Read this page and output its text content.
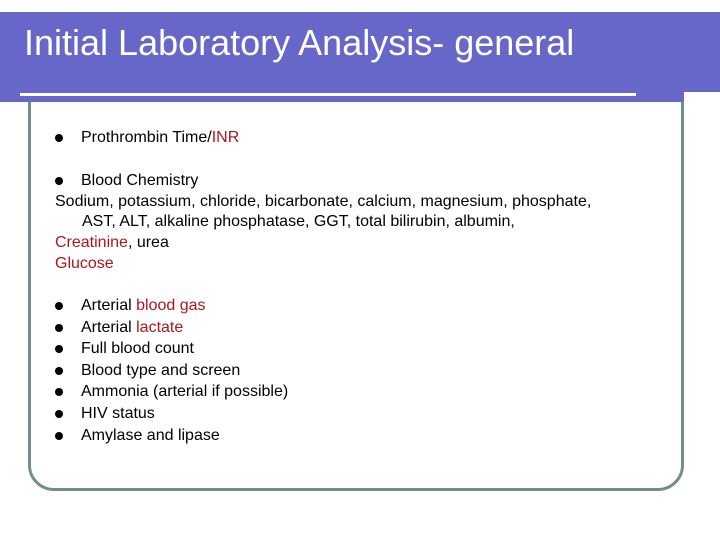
Initial Laboratory Analysis- general
Prothrombin Time/INR
Blood Chemistry
Sodium, potassium, chloride, bicarbonate, calcium, magnesium, phosphate,
AST, ALT, alkaline phosphatase, GGT, total bilirubin, albumin,
Creatinine, urea
Glucose
Arterial blood gas
Arterial lactate
Full blood count
Blood type and screen
Ammonia (arterial if possible)
HIV status
Amylase and lipase
